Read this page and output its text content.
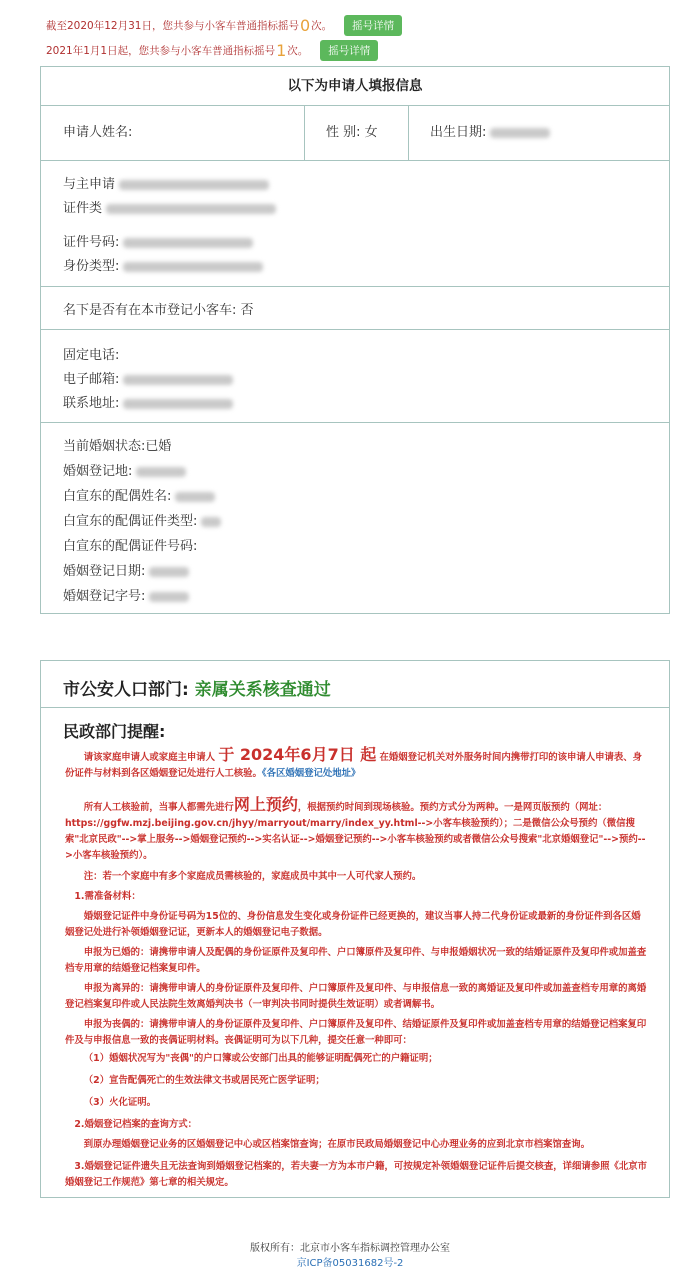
截至2020年12月31日，您共参与小客车普通指标摇号 0 次。	摇号详情
2021年1月1日起，您共参与小客车普通指标摇号 1 次。	摇号详情
以下为申请人填报信息
申请人姓名:	性 别: 女	出生日期:
与主申请
证件类
证件号码:
身份类型:
名下是否有在本市登记小客车: 否
固定电话:
电子邮箱:
联系地址:
当前婚姻状态:已婚
婚姻登记地:
白宣东的配偶姓名:
白宣东的配偶证件类型:
白宣东的配偶证件号码:
婚姻登记日期:
婚姻登记字号:
市公安人口部门: 亲属关系核查通过
民政部门提醒:
请该家庭申请人或家庭主申请人 于 2024年6月7日 起 在婚姻登记机关对外服务时间内携带打印的该申请人申请表、身份证件与材料到各区婚姻登记处进行人工核验。《各区婚姻登记处地址》
所有人工核验前，当事人都需先进行网上预约，根据预约时间到现场核验。预约方式分为两种。一是网页版预约（网址：https://ggfw.mzj.beijing.gov.cn/jhyy/marryout/marry/index_yy.html-->小客车核验预约）；二是微信公众号预约（微信搜索"北京民政"-->掌上服务-->婚姻登记预约-->实名认证-->婚姻登记预约-->小客车核验预约或者微信公众号搜索"北京婚姻登记"-->预约-->小客车核验预约）。
注：若一个家庭中有多个家庭成员需核验的，家庭成员中其中一人可代家人预约。
1.需准备材料：
婚姻登记证件中身份证号码为15位的、身份信息发生变化或身份证件已经更换的，建议当事人持二代身份证或最新的身份证件到各区婚姻登记处进行补领婚姻登记证，更新本人的婚姻登记电子数据。
申报为已婚的：请携带申请人及配偶的身份证原件及复印件、户口簿原件及复印件、与申报婚姻状况一致的结婚证原件及复印件或加盖查档专用章的结婚登记档案复印件。
申报为离异的：请携带申请人的身份证原件及复印件、户口簿原件及复印件、与申报信息一致的离婚证及复印件或加盖查档专用章的离婚登记档案复印件或人民法院生效离婚判决书（一审判决书同时提供生效证明）或者调解书。
申报为丧偶的：请携带申请人的身份证原件及复印件、户口簿原件及复印件、结婚证原件及复印件或加盖查档专用章的结婚登记档案复印件及与申报信息一致的丧偶证明材料。丧偶证明可为以下几种，提交任意一种即可：
（1）婚姻状况写为"丧偶"的户口簿或公安部门出具的能够证明配偶死亡的户籍证明；
（2）宣告配偶死亡的生效法律文书或居民死亡医学证明；
（3）火化证明。
2.婚姻登记档案的查询方式：
到原办理婚姻登记业务的区婚姻登记中心或区档案馆查询；在原市民政局婚姻登记中心办理业务的应到北京市档案馆查询。
3.婚姻登记证件遗失且无法查询到婚姻登记档案的，若夫妻一方为本市户籍，可按规定补领婚姻登记证件后提交核查，详细请参照《北京市婚姻登记工作规范》第七章的相关规定。
版权所有：北京市小客车指标调控管理办公室
京ICP备05031682号-2
